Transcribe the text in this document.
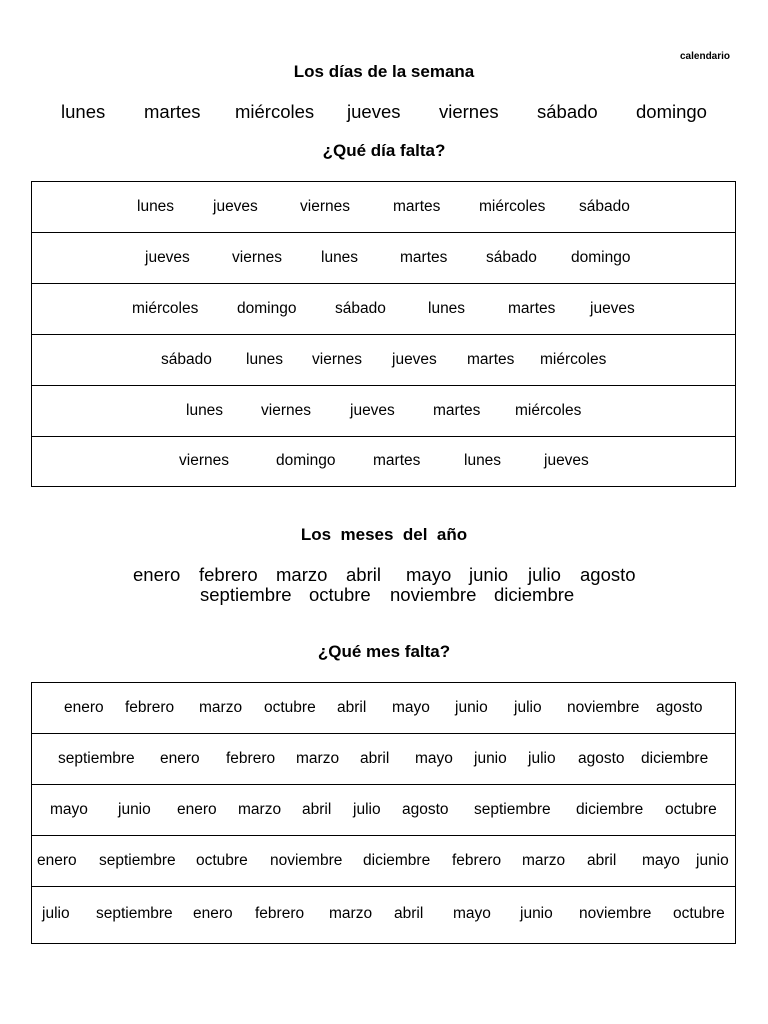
calendario
Los días de la semana
lunes martes miércoles jueves viernes sábado domingo
¿Qué día falta?
lunes	jueves	viernes	martes miércoles sábado
jueves	viernes	lunes	martes sábado domingo
miércoles domingo sábado	lunes	martes jueves
sábado lunes viernes jueves martes miércoles
lunes viernes	jueves martes miércoles
viernes	domingo martes	lunes	jueves
Los  meses  del  año
enero febrero marzo abril mayo junio julio agosto
septiembre octubre noviembre diciembre
¿Qué mes falta?
enero febrero marzo octubre abril mayo junio julio noviembre agosto
septiembre enero febrero marzo abril mayo junio julio agosto diciembre
mayo junio enero marzo abril julio agosto septiembre diciembre octubre
enero septiembre octubre noviembre diciembre febrero marzo abril mayo junio
julio septiembre enero febrero marzo abril mayo junio noviembre octubre
